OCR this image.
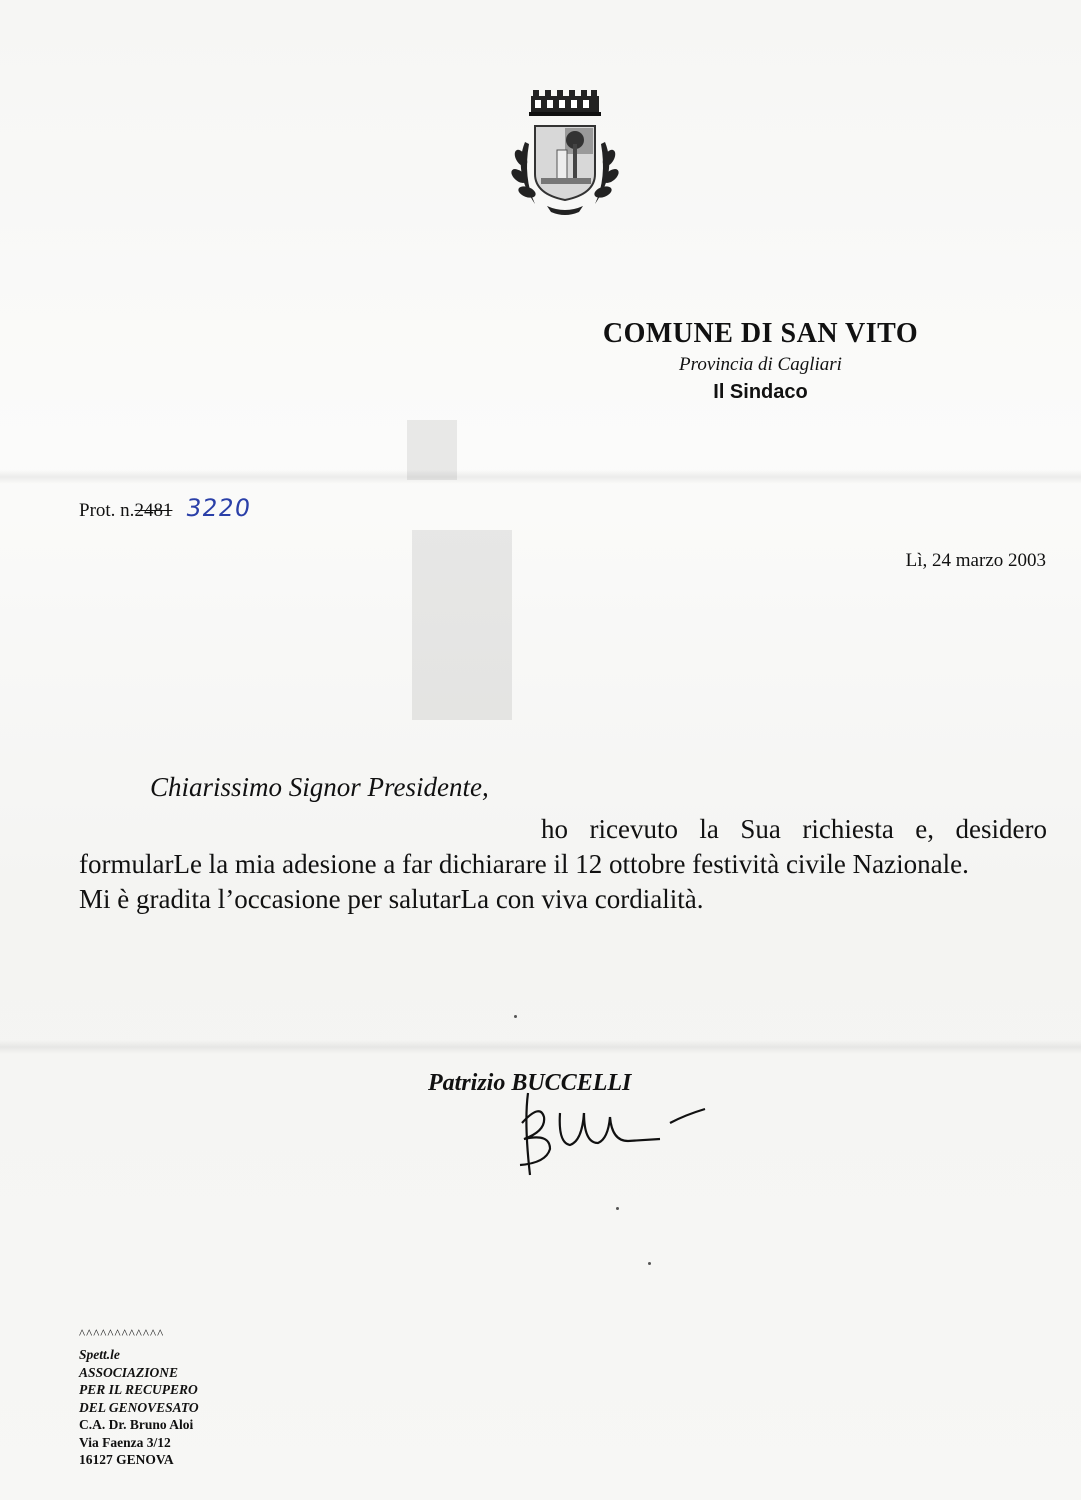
COMUNE DI SAN VITO
Provincia di Cagliari
Il Sindaco
Prot. n.2481 3220
Lì, 24 marzo 2003
Chiarissimo Signor Presidente,
ho ricevuto la Sua richiesta e, desidero formularLe la mia adesione a far dichiarare il 12 ottobre festività civile Nazionale.
Mi è gradita l’occasione per salutarLa con viva cordialità.
Patrizio BUCCELLI
^^^^^^^^^^^^
Spett.le
ASSOCIAZIONE
PER IL RECUPERO
DEL GENOVESATO
C.A. Dr. Bruno Aloi
Via Faenza 3/12
16127 GENOVA
